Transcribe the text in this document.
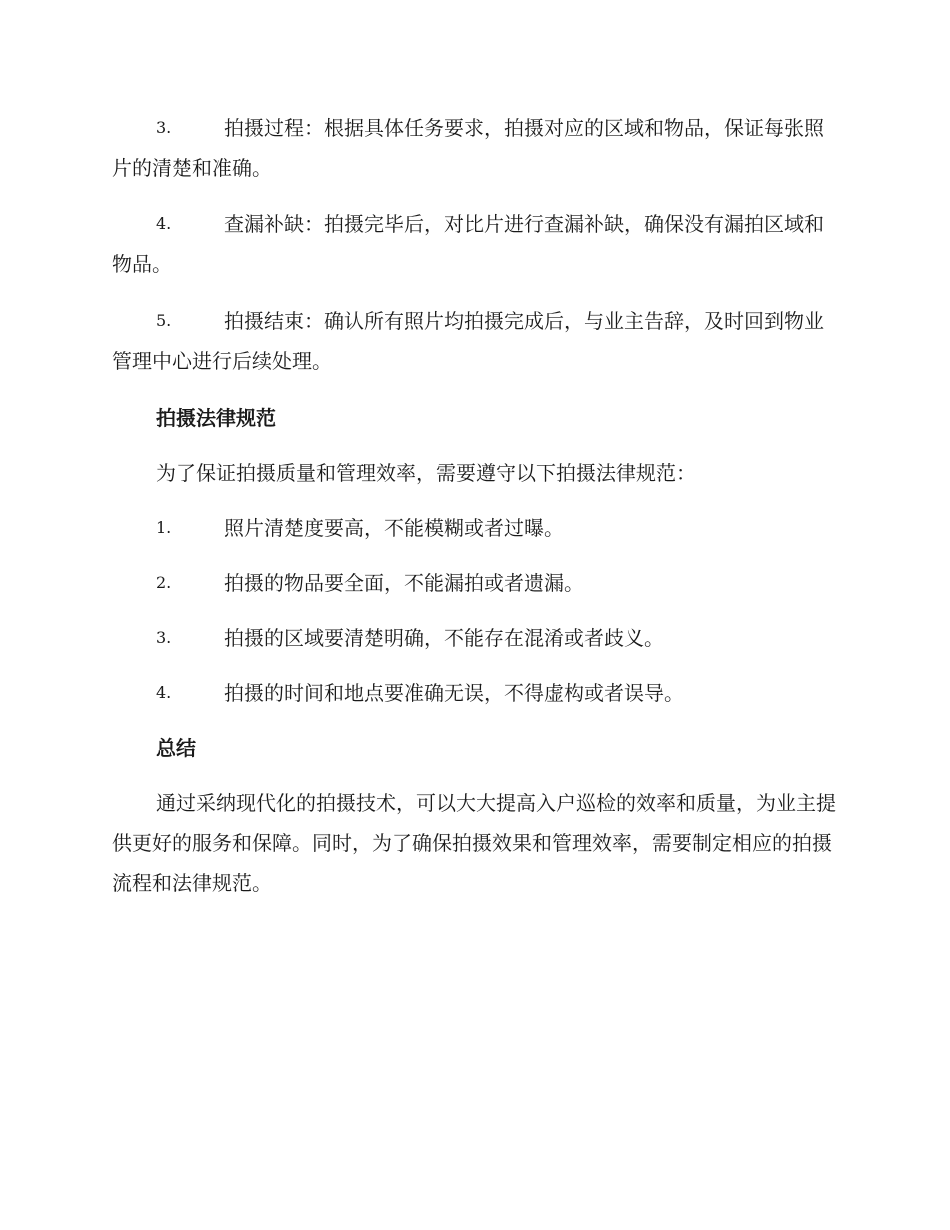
3.	拍摄过程：根据具体任务要求，拍摄对应的区域和物品，保证每张照片的清楚和准确。
4.	查漏补缺：拍摄完毕后，对比片进行查漏补缺，确保没有漏拍区域和物品。
5.	拍摄结束：确认所有照片均拍摄完成后，与业主告辞，及时回到物业管理中心进行后续处理。
拍摄法律规范
为了保证拍摄质量和管理效率，需要遵守以下拍摄法律规范：
1.	照片清楚度要高，不能模糊或者过曝。
2.	拍摄的物品要全面，不能漏拍或者遗漏。
3.	拍摄的区域要清楚明确，不能存在混淆或者歧义。
4.	拍摄的时间和地点要准确无误，不得虚构或者误导。
总结
通过采纳现代化的拍摄技术，可以大大提高入户巡检的效率和质量，为业主提供更好的服务和保障。同时，为了确保拍摄效果和管理效率，需要制定相应的拍摄流程和法律规范。
